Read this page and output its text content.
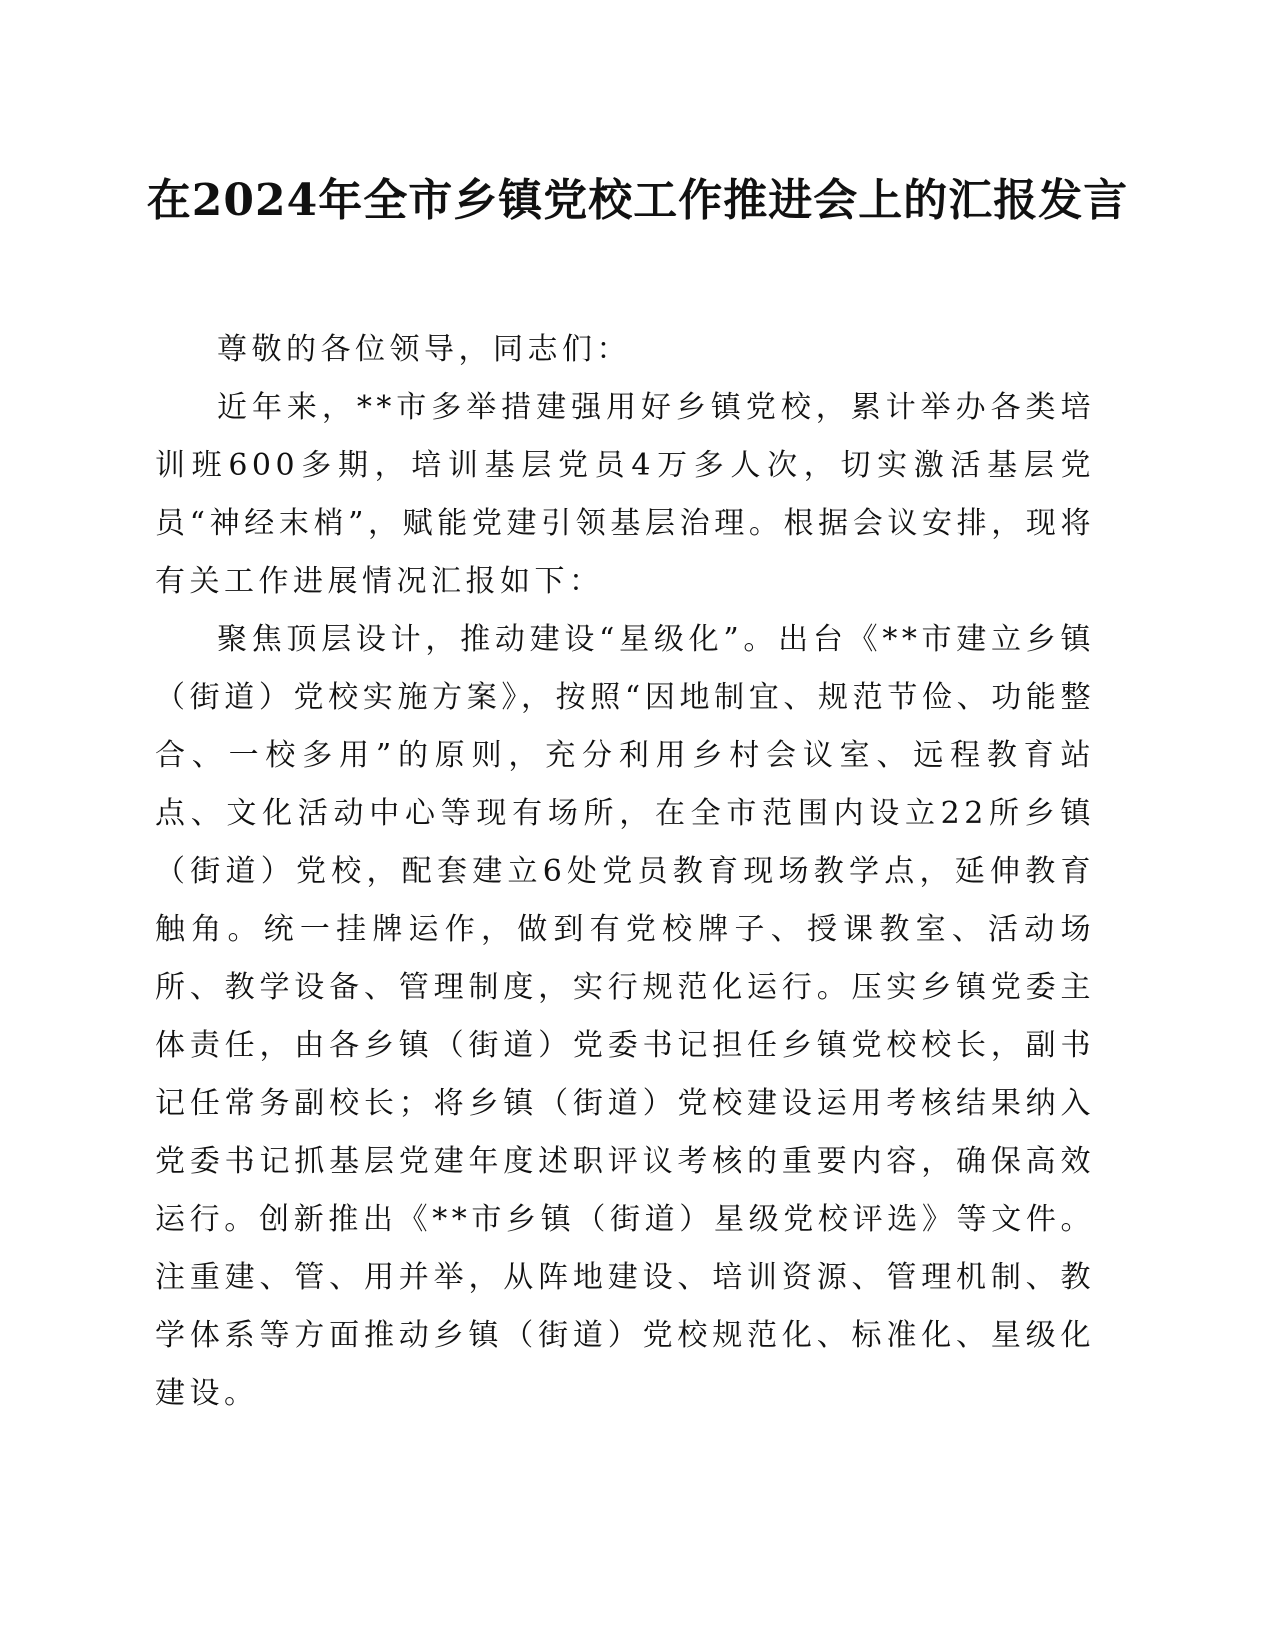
在2024年全市乡镇党校工作推进会上的汇报发言

尊敬的各位领导，同志们：

近年来，**市多举措建强用好乡镇党校，累计举办各类培训班600多期，培训基层党员4万多人次，切实激活基层党员“神经末梢”，赋能党建引领基层治理。根据会议安排，现将有关工作进展情况汇报如下：

聚焦顶层设计，推动建设“星级化”。出台《**市建立乡镇（街道）党校实施方案》，按照“因地制宜、规范节俭、功能整合、一校多用”的原则，充分利用乡村会议室、远程教育站点、文化活动中心等现有场所，在全市范围内设立22所乡镇（街道）党校，配套建立6处党员教育现场教学点，延伸教育触角。统一挂牌运作，做到有党校牌子、授课教室、活动场所、教学设备、管理制度，实行规范化运行。压实乡镇党委主体责任，由各乡镇（街道）党委书记担任乡镇党校校长，副书记任常务副校长；将乡镇（街道）党校建设运用考核结果纳入党委书记抓基层党建年度述职评议考核的重要内容，确保高效运行。创新推出《**市乡镇（街道）星级党校评选》等文件。注重建、管、用并举，从阵地建设、培训资源、管理机制、教学体系等方面推动乡镇（街道）党校规范化、标准化、星级化建设。
